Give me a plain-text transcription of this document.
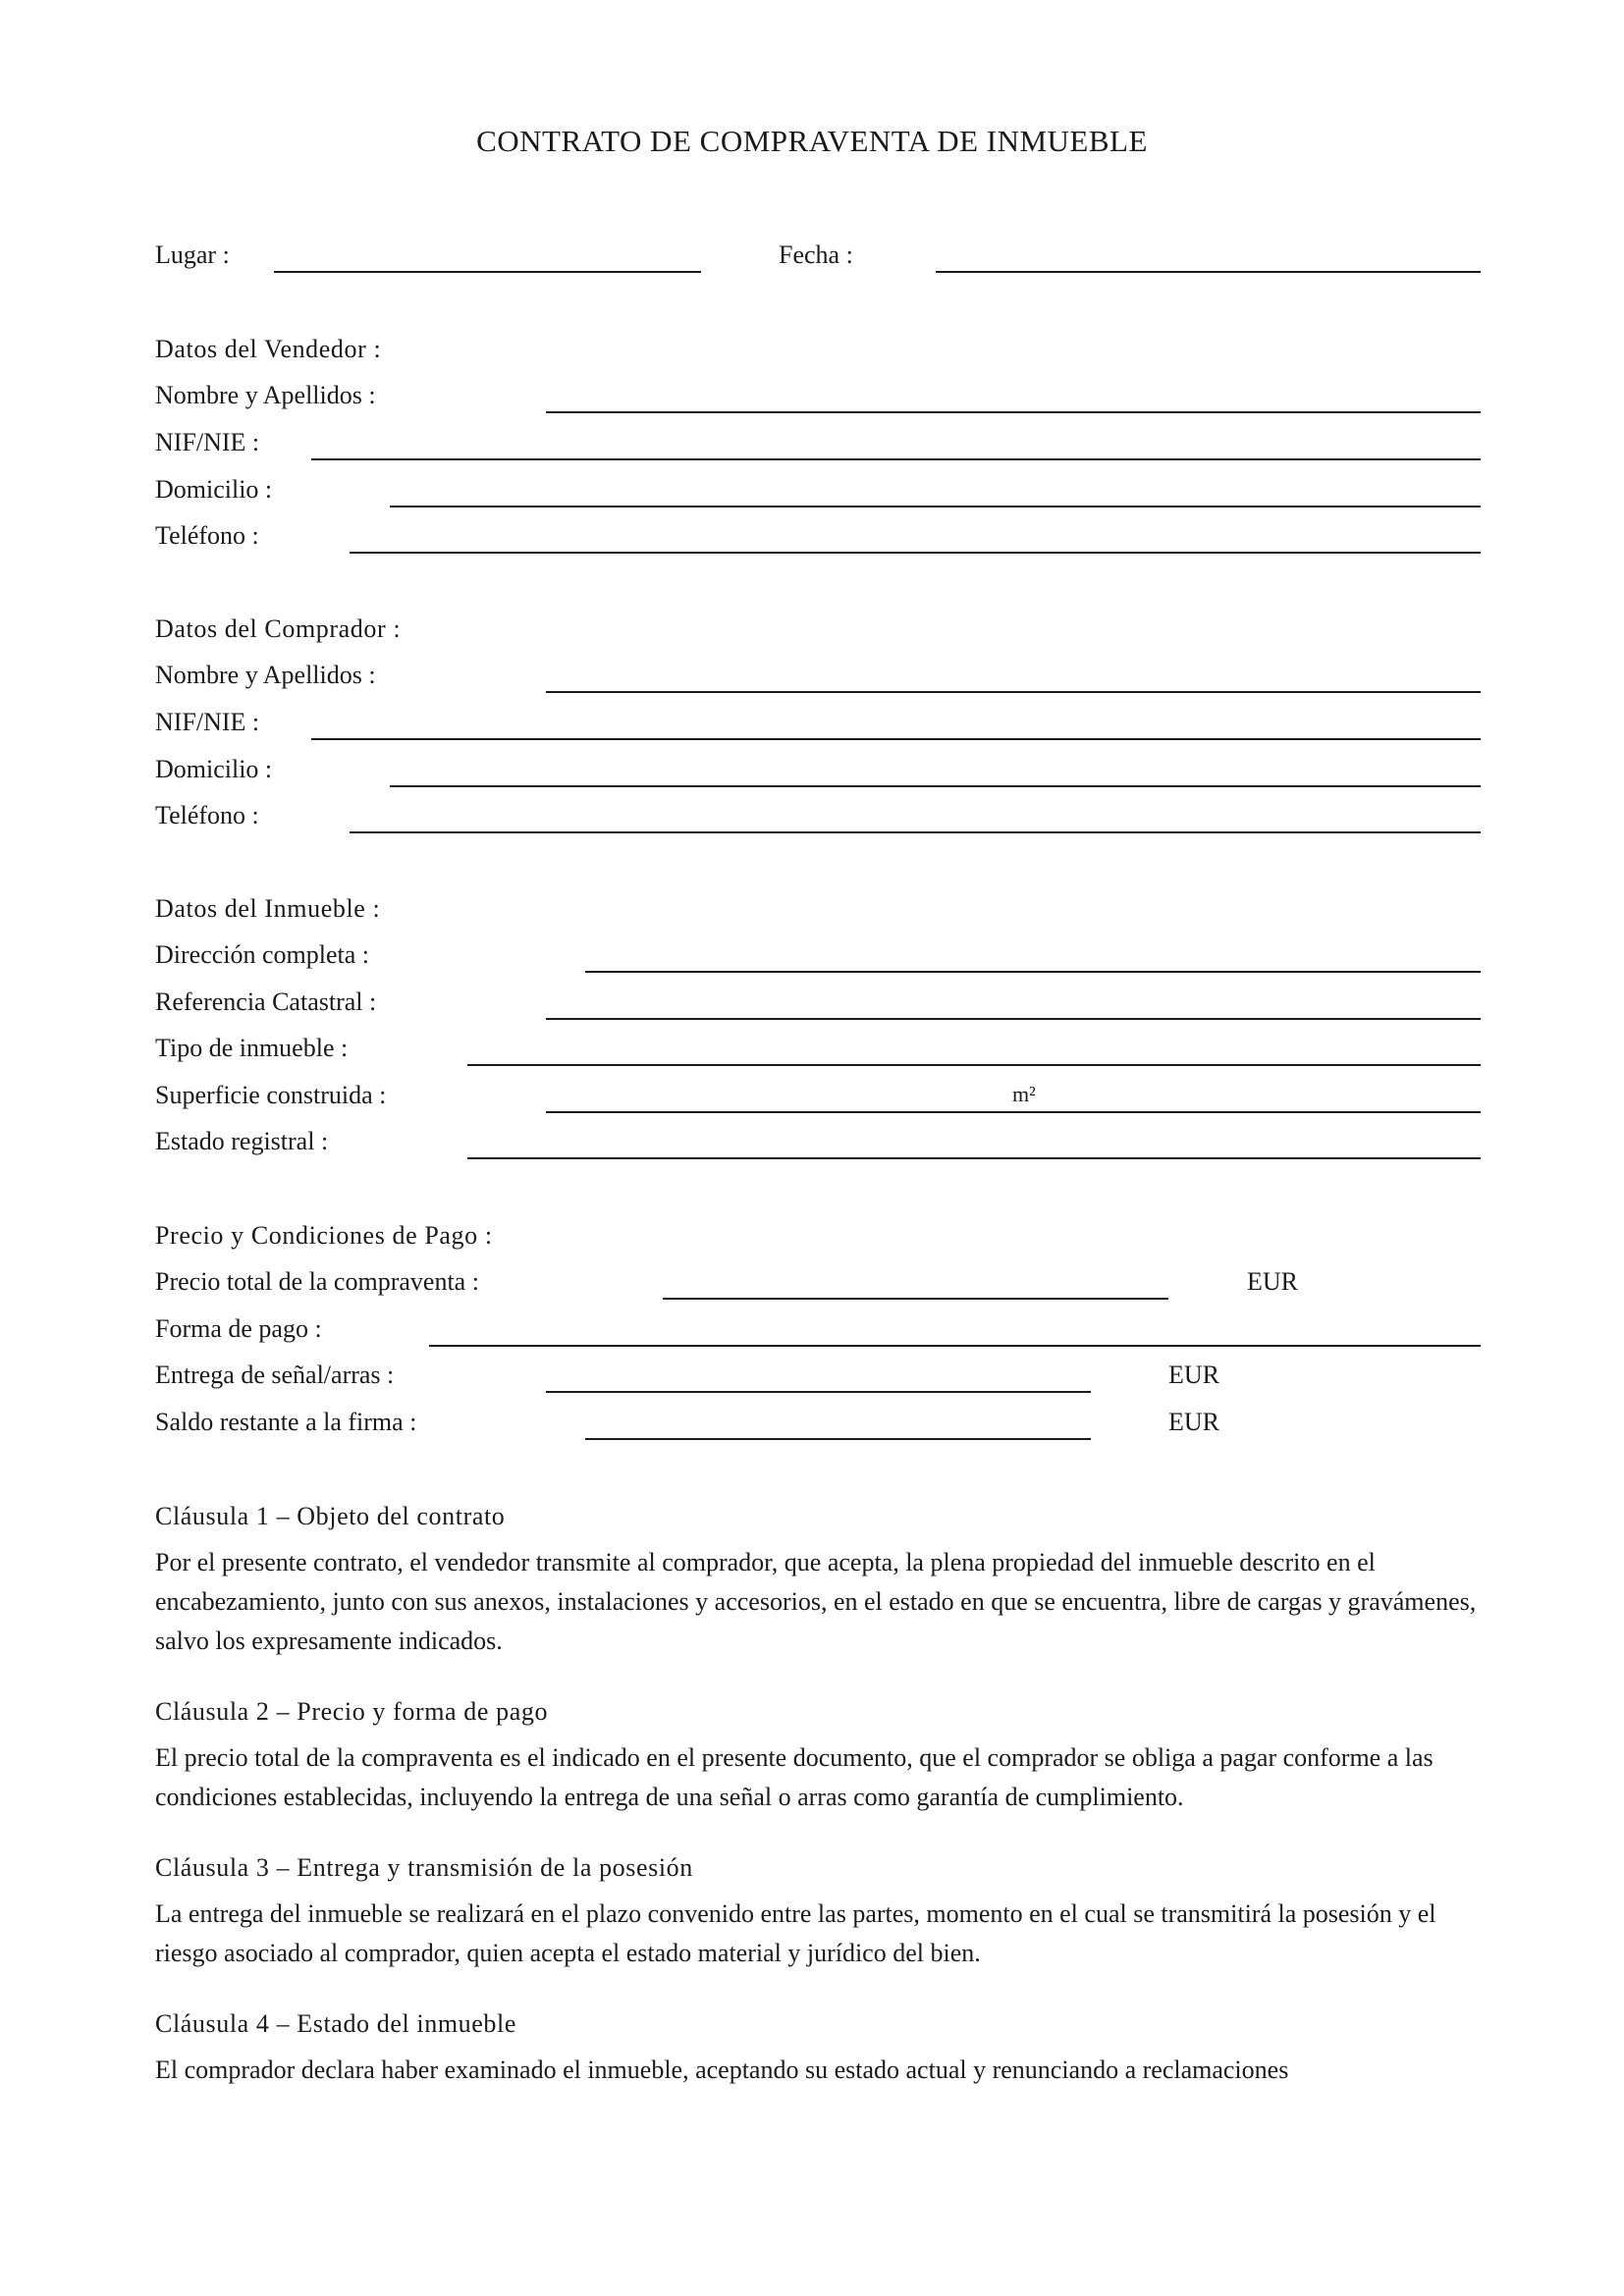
CONTRATO DE COMPRAVENTA DE INMUEBLE
Lugar :	Fecha :
Datos del Vendedor :
Nombre y Apellidos :
NIF/NIE :
Domicilio :
Teléfono :
Datos del Comprador :
Nombre y Apellidos :
NIF/NIE :
Domicilio :
Teléfono :
Datos del Inmueble :
Dirección completa :
Referencia Catastral :
Tipo de inmueble :
Superficie construida :	m²
Estado registral :
Precio y Condiciones de Pago :
Precio total de la compraventa :	EUR
Forma de pago :
Entrega de señal/arras :	EUR
Saldo restante a la firma :	EUR
Cláusula 1 – Objeto del contrato

Por el presente contrato, el vendedor transmite al comprador, que acepta, la plena propiedad del inmueble descrito en el encabezamiento, junto con sus anexos, instalaciones y accesorios, en el estado en que se encuentra, libre de cargas y gravámenes, salvo los expresamente indicados.

Cláusula 2 – Precio y forma de pago

El precio total de la compraventa es el indicado en el presente documento, que el comprador se obliga a pagar conforme a las condiciones establecidas, incluyendo la entrega de una señal o arras como garantía de cumplimiento.

Cláusula 3 – Entrega y transmisión de la posesión

La entrega del inmueble se realizará en el plazo convenido entre las partes, momento en el cual se transmitirá la posesión y el riesgo asociado al comprador, quien acepta el estado material y jurídico del bien.

Cláusula 4 – Estado del inmueble

El comprador declara haber examinado el inmueble, aceptando su estado actual y renunciando a reclamaciones
